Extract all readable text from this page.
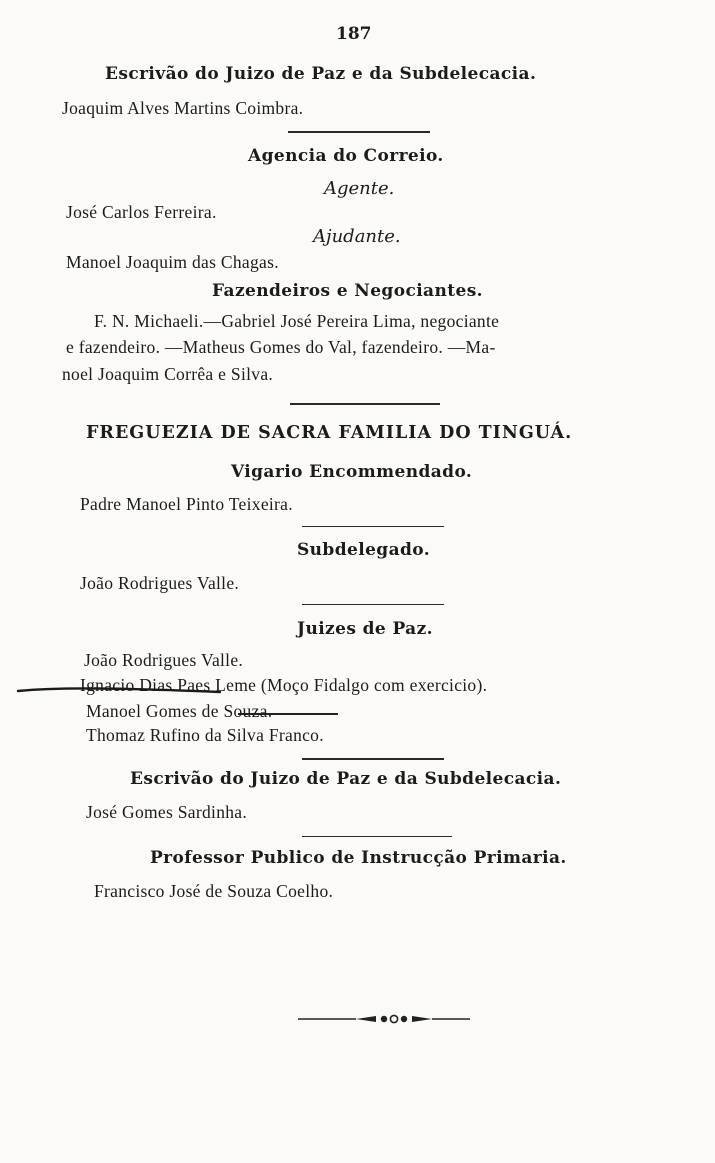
187
Escrivão do Juizo de Paz e da Subdelecacia.
Joaquim Alves Martins Coimbra.
Agencia do Correio.
Agente.
José Carlos Ferreira.
Ajudante.
Manoel Joaquim das Chagas.
Fazendeiros e Negociantes.
F. N. Michaeli.—Gabriel José Pereira Lima, negociante
e fazendeiro. —Matheus Gomes do Val, fazendeiro. —Ma-
noel Joaquim Corrêa e Silva.
FREGUEZIA DE SACRA FAMILIA DO TINGUÁ.
Vigario Encommendado.
Padre Manoel Pinto Teixeira.
Subdelegado.
João Rodrigues Valle.
Juizes de Paz.
João Rodrigues Valle.
Ignacio Dias Paes Leme (Moço Fidalgo com exercicio).
Manoel Gomes de Souza.
Thomaz Rufino da Silva Franco.
Escrivão do Juizo de Paz e da Subdelecacia.
José Gomes Sardinha.
Professor Publico de Instrucção Primaria.
Francisco José de Souza Coelho.
